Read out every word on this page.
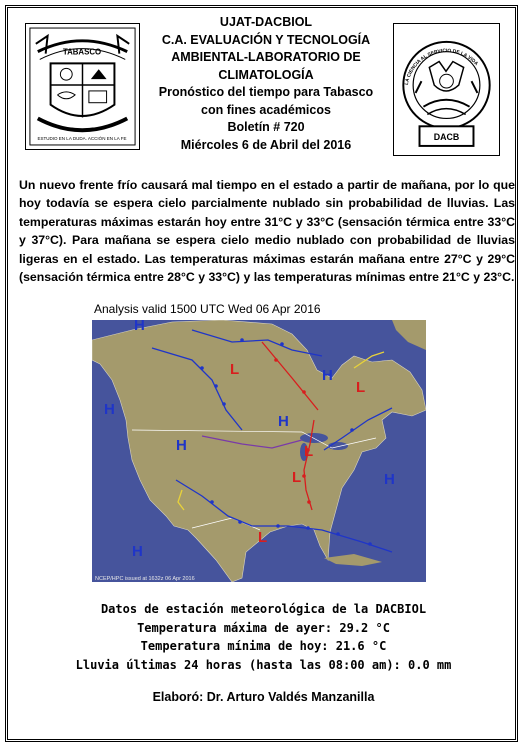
TABASCO
ESTUDIO EN LA DUDA. ACCIÓN EN LA FE
UJAT-DACBIOL
C.A. EVALUACIÓN Y TECNOLOGÍA
AMBIENTAL-LABORATORIO DE
CLIMATOLOGÍA
Pronóstico del tiempo para Tabasco
con fines académicos
Boletín # 720
Miércoles 6 de Abril del 2016
LA CIENCIA AL SERVICIO DE LA VIDA
DACB
Un nuevo frente frío causará mal tiempo en el estado a partir de mañana, por lo que hoy todavía se espera cielo parcialmente nublado sin probabilidad de lluvias. Las temperaturas máximas estarán hoy entre 31°C y 33°C (sensación térmica entre 33°C y 37°C). Para mañana se espera cielo medio nublado con probabilidad de lluvias ligeras en el estado. Las temperaturas máximas estarán mañana entre 27°C y 29°C (sensación térmica entre 28°C y 33°C) y las temperaturas mínimas entre 21°C y 23°C.
Analysis valid 1500 UTC Wed 06 Apr 2016
L
L
L
L
L
H
H
H
H
H
H
H
NCEP/HPC issued at 1632z 06 Apr 2016
Datos de estación meteorológica de la DACBIOL
Temperatura máxima de ayer: 29.2 °C
Temperatura mínima de hoy: 21.6 °C
Lluvia últimas 24 horas (hasta las 08:00 am): 0.0 mm
Elaboró: Dr. Arturo Valdés Manzanilla
